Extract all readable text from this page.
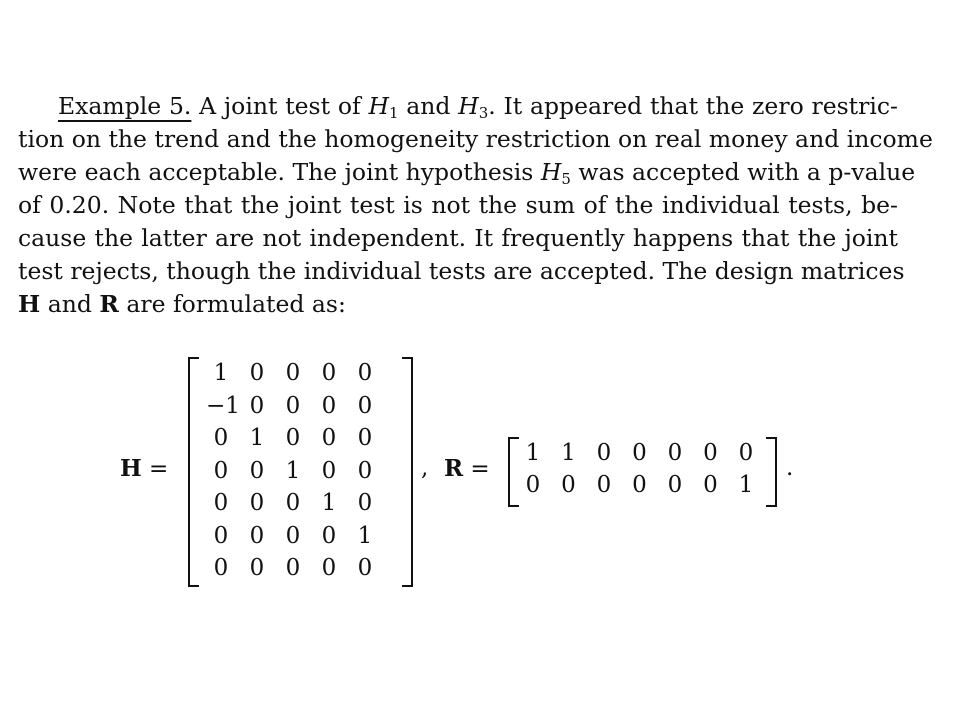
Example 5. A joint test of $H_1$ and $H_3$. It appeared that the zero restric-
tion on the trend and the homogeneity restriction on real money and income
were each acceptable. The joint hypothesis $H_5$ was accepted with a p-value
of 0.20. Note that the joint test is not the sum of the individual tests, be-
cause the latter are not independent. It frequently happens that the joint
test rejects, though the individual tests are accepted. The design matrices
H and R are formulated as:
H =
1 0 0 0 0
−1 0 0 0 0
0 1 0 0 0
0 0 1 0 0
0 0 0 1 0
0 0 0 0 1
0 0 0 0 0
, R =
1 1 0 0 0 0 0
0 0 0 0 0 0 1
.
